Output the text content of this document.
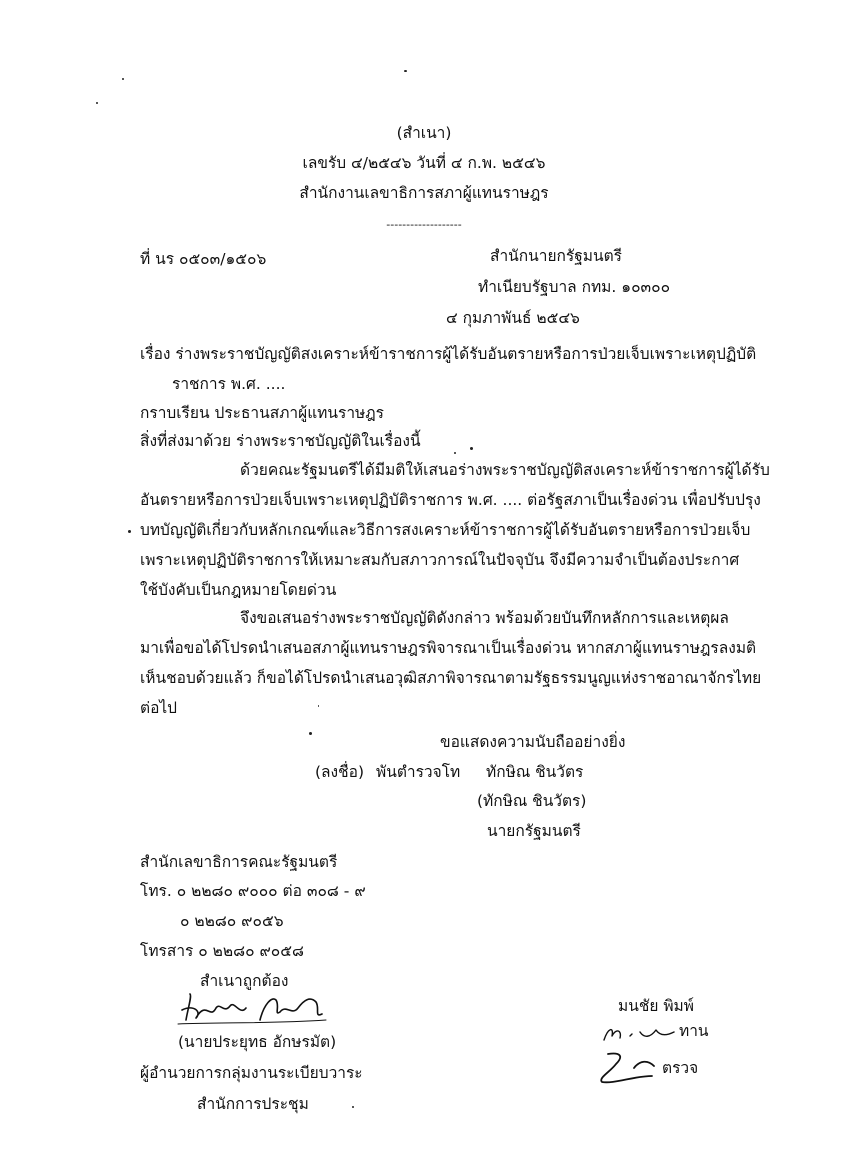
(สำเนา)
เลขรับ ๔/๒๕๔๖ วันที่ ๔ ก.พ. ๒๕๔๖
สำนักงานเลขาธิการสภาผู้แทนราษฎร
-------------------
ที่ นร ๐๕๐๓/๑๕๐๖	สำนักนายกรัฐมนตรี
ทำเนียบรัฐบาล กทม. ๑๐๓๐๐
๔ กุมภาพันธ์ ๒๕๔๖
เรื่อง ร่างพระราชบัญญัติสงเคราะห์ข้าราชการผู้ได้รับอันตรายหรือการป่วยเจ็บเพราะเหตุปฏิบัติ
ราชการ พ.ศ. ....
กราบเรียน ประธานสภาผู้แทนราษฎร
สิ่งที่ส่งมาด้วย ร่างพระราชบัญญัติในเรื่องนี้
ด้วยคณะรัฐมนตรีได้มีมติให้เสนอร่างพระราชบัญญัติสงเคราะห์ข้าราชการผู้ได้รับ
อันตรายหรือการป่วยเจ็บเพราะเหตุปฏิบัติราชการ พ.ศ. .... ต่อรัฐสภาเป็นเรื่องด่วน เพื่อปรับปรุง
บทบัญญัติเกี่ยวกับหลักเกณฑ์และวิธีการสงเคราะห์ข้าราชการผู้ได้รับอันตรายหรือการป่วยเจ็บ
เพราะเหตุปฏิบัติราชการให้เหมาะสมกับสภาวการณ์ในปัจจุบัน จึงมีความจำเป็นต้องประกาศ
ใช้บังคับเป็นกฎหมายโดยด่วน
จึงขอเสนอร่างพระราชบัญญัติดังกล่าว พร้อมด้วยบันทึกหลักการและเหตุผล
มาเพื่อขอได้โปรดนำเสนอสภาผู้แทนราษฎรพิจารณาเป็นเรื่องด่วน หากสภาผู้แทนราษฎรลงมติ
เห็นชอบด้วยแล้ว ก็ขอได้โปรดนำเสนอวุฒิสภาพิจารณาตามรัฐธรรมนูญแห่งราชอาณาจักรไทย
ต่อไป
ขอแสดงความนับถืออย่างยิ่ง
(ลงชื่อ) พันตำรวจโท ทักษิณ ชินวัตร
(ทักษิณ ชินวัตร)
นายกรัฐมนตรี
สำนักเลขาธิการคณะรัฐมนตรี
โทร. ๐ ๒๒๘๐ ๙๐๐๐ ต่อ ๓๐๘ - ๙
๐ ๒๒๘๐ ๙๐๕๖
โทรสาร ๐ ๒๒๘๐ ๙๐๕๘
สำเนาถูกต้อง
(นายประยุทธ อักษรมัต)
ผู้อำนวยการกลุ่มงานระเบียบวาระ
สำนักการประชุม
มนชัย พิมพ์
ทาน
ตรวจ
